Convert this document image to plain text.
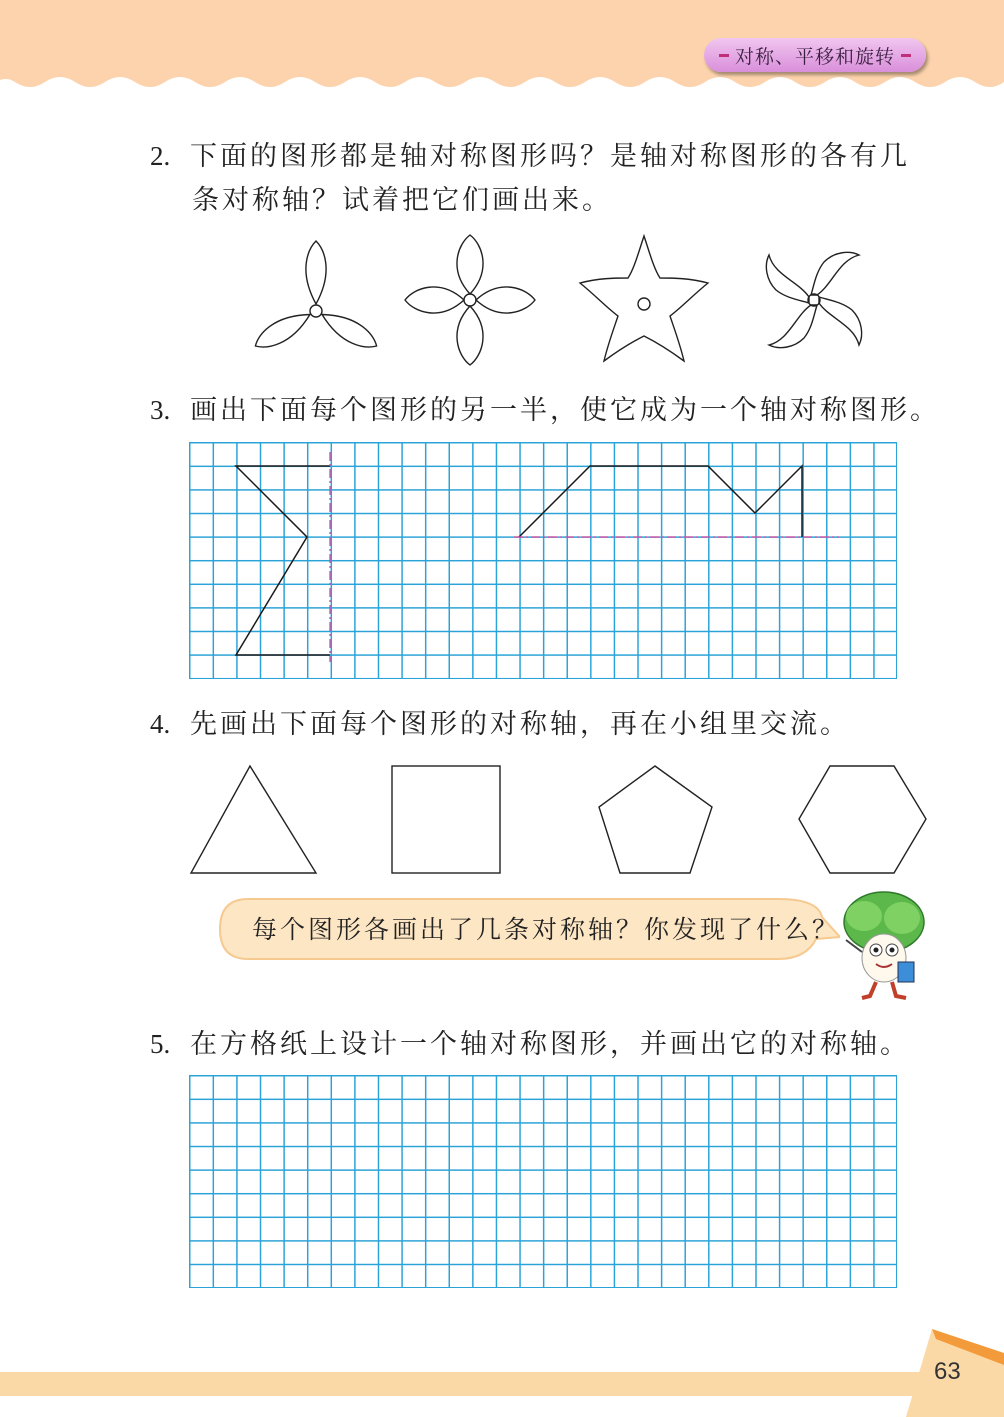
对称、平移和旋转
2. 下面的图形都是轴对称图形吗？是轴对称图形的各有几
条对称轴？试着把它们画出来。
3. 画出下面每个图形的另一半，使它成为一个轴对称图形。
4. 先画出下面每个图形的对称轴，再在小组里交流。
每个图形各画出了几条对称轴？你发现了什么？
5. 在方格纸上设计一个轴对称图形，并画出它的对称轴。
63
